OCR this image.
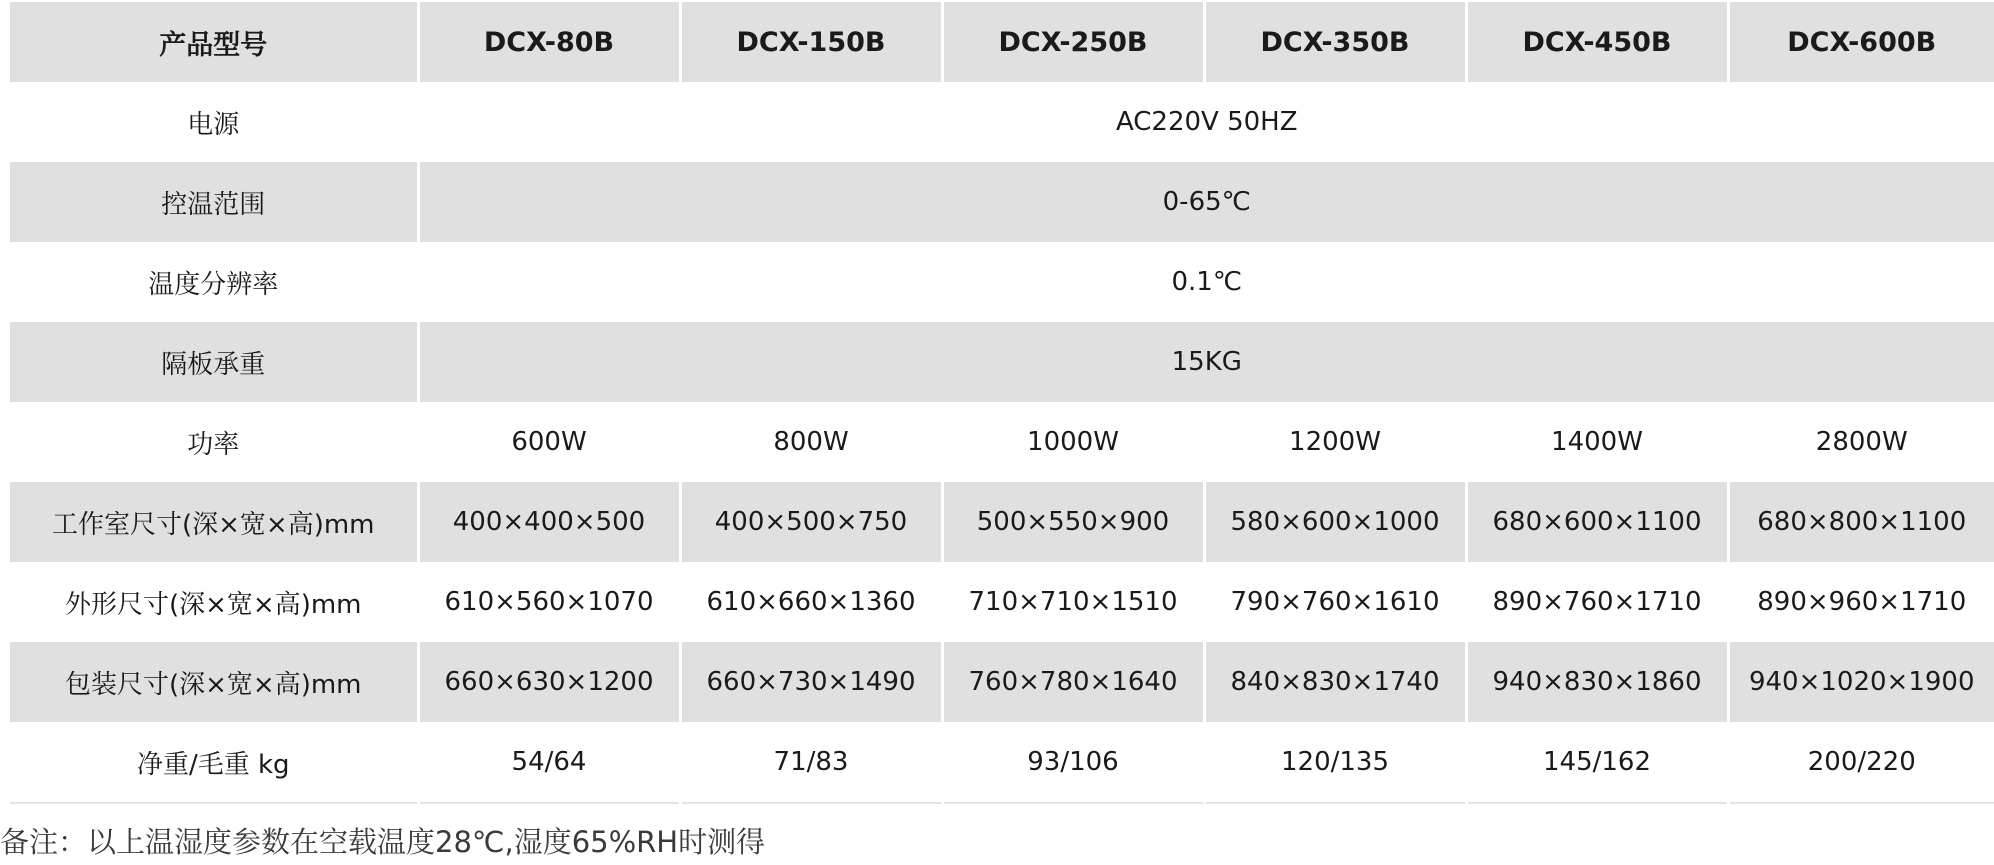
产品型号	DCX-80B	DCX-150B	DCX-250B	DCX-350B	DCX-450B	DCX-600B
电源	AC220V 50HZ					
控温范围	0-65℃					
温度分辨率	0.1℃					
隔板承重	15KG					
功率	600W	800W	1000W	1200W	1400W	2800W
工作室尺寸(深×宽×高)mm	400×400×500	400×500×750	500×550×900	580×600×1000	680×600×1100	680×800×1100
外形尺寸(深×宽×高)mm	610×560×1070	610×660×1360	710×710×1510	790×760×1610	890×760×1710	890×960×1710
包装尺寸(深×宽×高)mm	660×630×1200	660×730×1490	760×780×1640	840×830×1740	940×830×1860	940×1020×1900
净重/毛重 kg	54/64	71/83	93/106	120/135	145/162	200/220
备注：以上温湿度参数在空载温度28℃,湿度65%RH时测得
